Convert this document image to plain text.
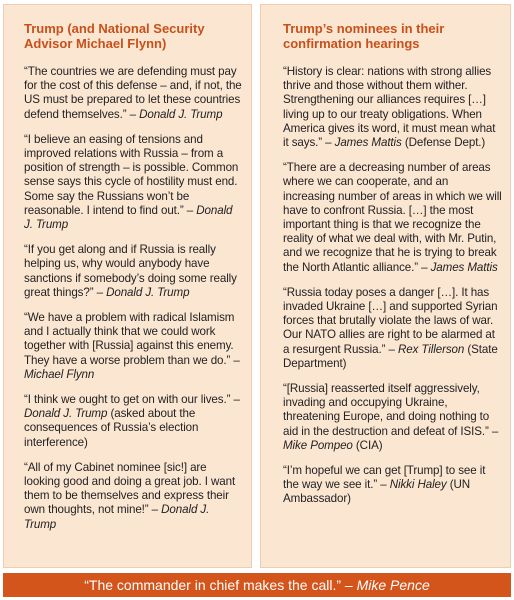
Trump (and National Security Advisor Michael Flynn)

“The countries we are defending must pay for the cost of this defense – and, if not, the US must be prepared to let these countries defend themselves.” – Donald J. Trump

“I believe an easing of tensions and improved relations with Russia – from a position of strength – is possible. Common sense says this cycle of hostility must end. Some say the Russians won’t be reasonable. I intend to find out.” – Donald J. Trump

“If you get along and if Russia is really helping us, why would anybody have sanctions if somebody’s doing some really great things?” – Donald J. Trump

“We have a problem with radical Islamism and I actually think that we could work together with [Russia] against this enemy. They have a worse problem than we do.” – Michael Flynn

“I think we ought to get on with our lives.” – Donald J. Trump (asked about the consequences of Russia’s election interference)

“All of my Cabinet nominee [sic!] are looking good and doing a great job. I want them to be themselves and express their own thoughts, not mine!” – Donald J. Trump

Trump’s nominees in their confirmation hearings

“History is clear: nations with strong allies thrive and those without them wither. Strengthening our alliances requires […] living up to our treaty obligations. When America gives its word, it must mean what it says.” – James Mattis (Defense Dept.)

“There are a decreasing number of areas where we can cooperate, and an increasing number of areas in which we will have to confront Russia. […] the most important thing is that we recognize the reality of what we deal with, with Mr. Putin, and we recognize that he is trying to break the North Atlantic alliance.” – James Mattis

“Russia today poses a danger […]. It has invaded Ukraine […] and supported Syrian forces that brutally violate the laws of war. Our NATO allies are right to be alarmed at a resurgent Russia.” – Rex Tillerson (State Department)

“[Russia] reasserted itself aggressively, invading and occupying Ukraine, threatening Europe, and doing nothing to aid in the destruction and defeat of ISIS.” – Mike Pompeo (CIA)

“I’m hopeful we can get [Trump] to see it the way we see it.” – Nikki Haley (UN Ambassador)

“The commander in chief makes the call.” – Mike Pence
